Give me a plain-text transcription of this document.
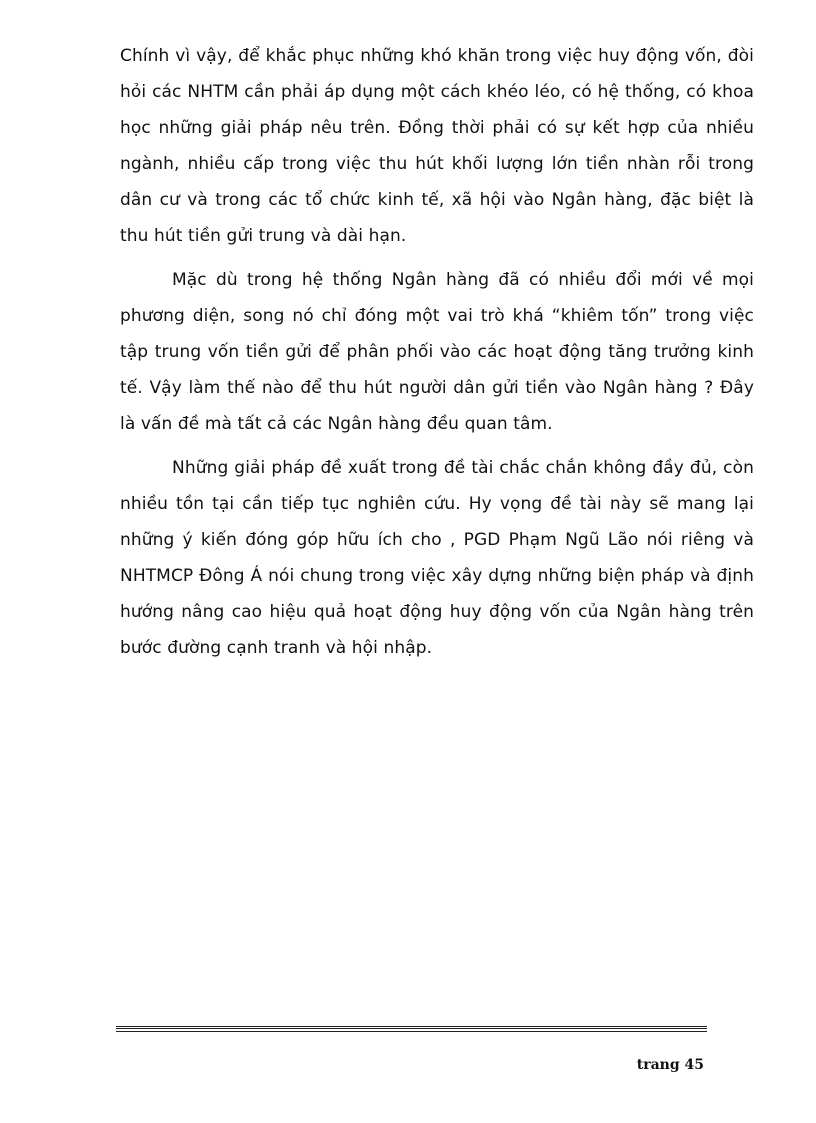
Chính vì vậy, để khắc phục những khó khăn trong việc huy động vốn, đòi hỏi các NHTM cần phải áp dụng một cách khéo léo, có hệ thống, có khoa học những giải pháp nêu trên. Đồng thời phải có sự kết hợp của nhiều ngành, nhiều cấp trong việc thu hút khối lượng lớn tiền nhàn rỗi trong dân cư và trong các tổ chức kinh tế, xã hội vào Ngân hàng, đặc biệt là thu hút tiền gửi trung và dài hạn.

Mặc dù trong hệ thống Ngân hàng đã có nhiều đổi mới về mọi phương diện, song nó chỉ đóng một vai trò khá “khiêm tốn” trong việc tập trung vốn tiền gửi để phân phối vào các hoạt động tăng trưởng kinh tế. Vậy làm thế nào để thu hút người dân gửi tiền vào Ngân hàng ? Đây là vấn đề mà tất cả các Ngân hàng đều quan tâm.

Những giải pháp đề xuất trong đề tài chắc chắn không đầy đủ, còn nhiều tồn tại cần tiếp tục nghiên cứu. Hy vọng đề tài này sẽ mang lại những ý kiến đóng góp hữu ích cho , PGD Phạm Ngũ Lão nói riêng và NHTMCP Đông Á nói chung trong việc xây dựng những biện pháp và định hướng nâng cao hiệu quả hoạt động huy động vốn của Ngân hàng trên bước đường cạnh tranh và hội nhập.

trang 45
